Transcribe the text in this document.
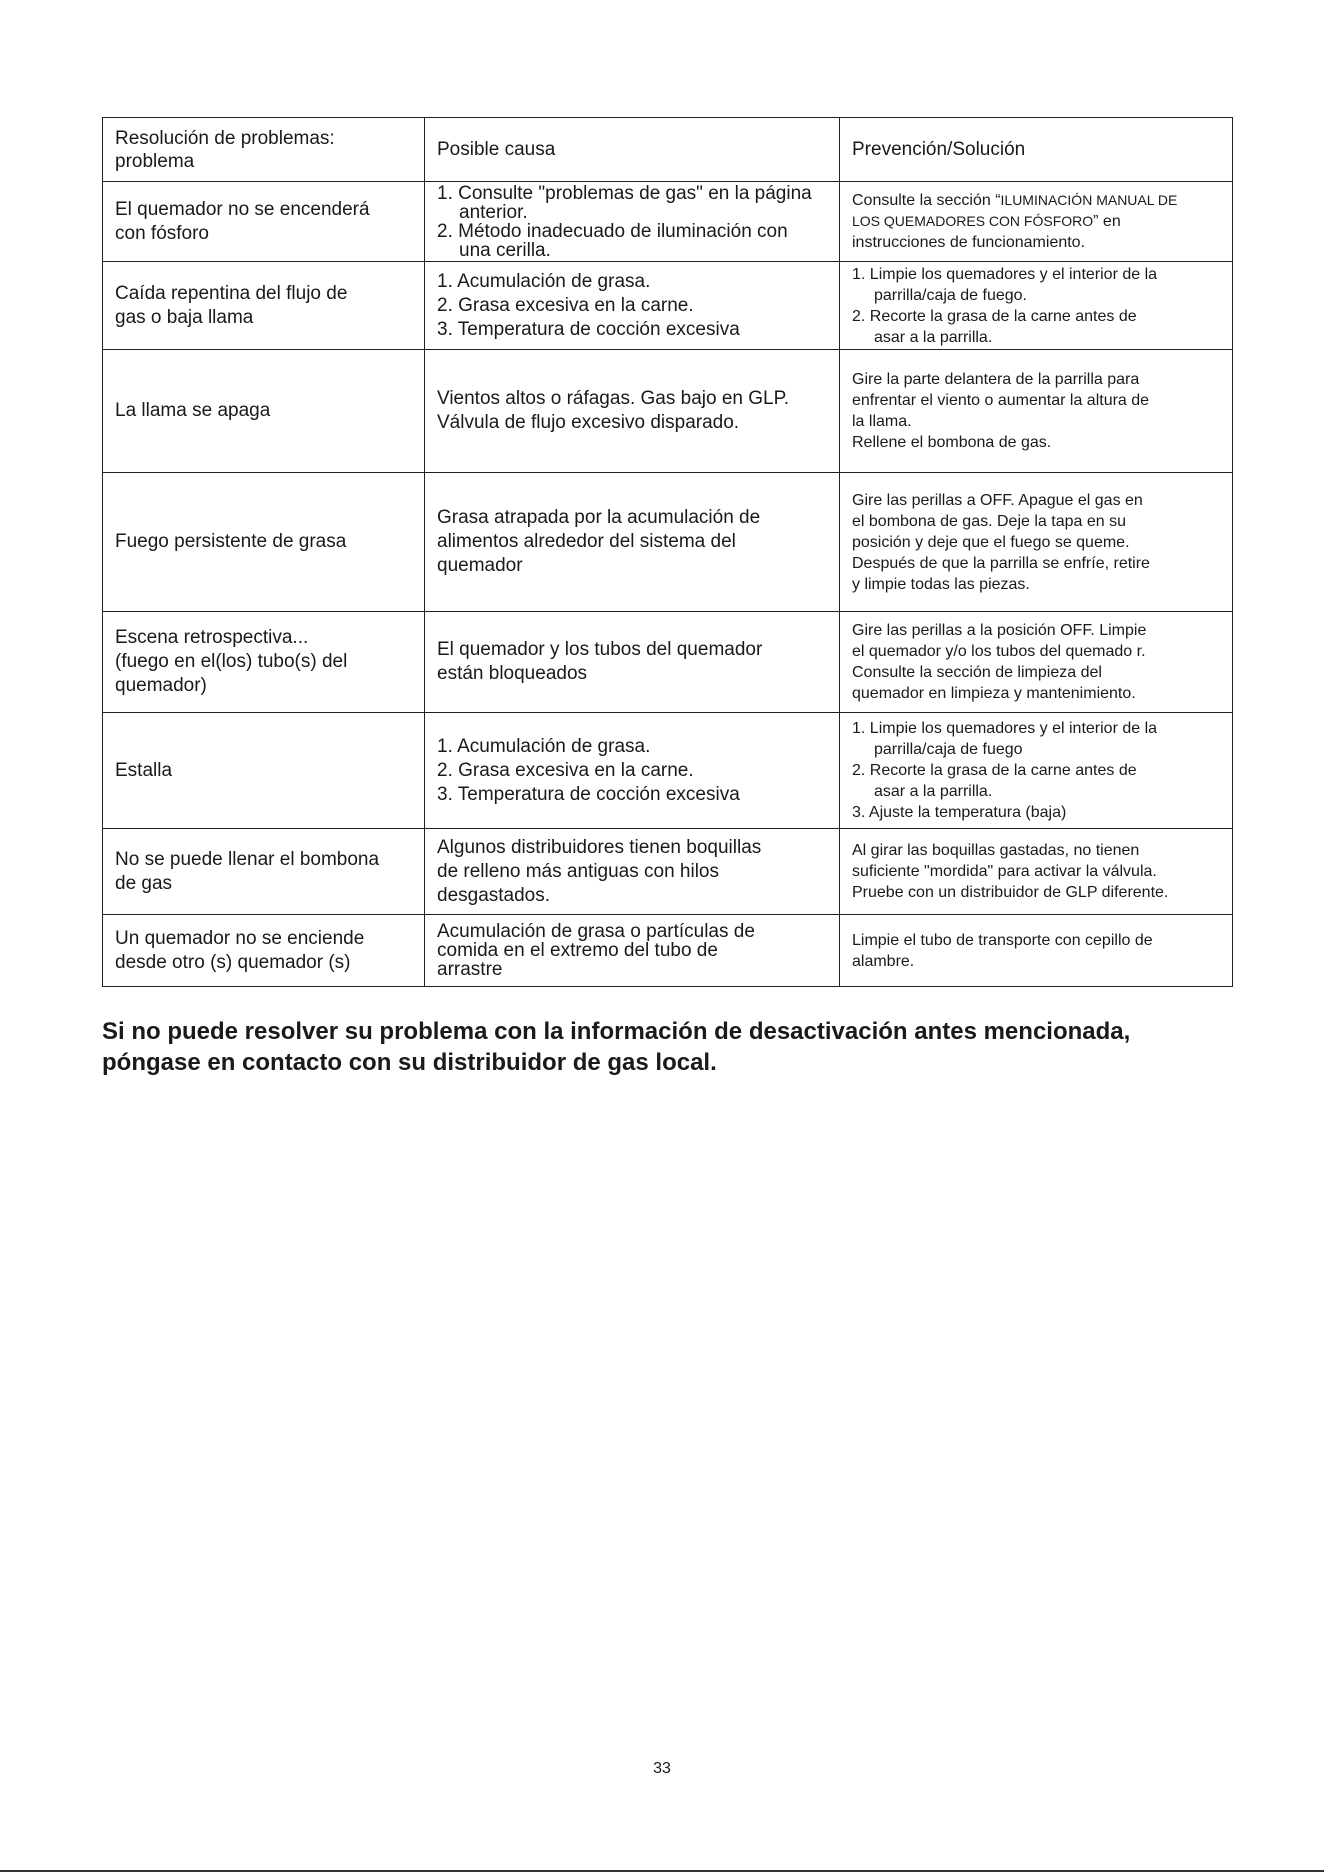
Resolución de problemas:
problema	Posible causa	Prevención/Solución

El quemador no se encenderá
con fósforo	1. Consulte "problemas de gas" en la página
anterior.
2. Método inadecuado de iluminación con
una cerilla.	Consulte la sección “ILUMINACIÓN MANUAL DE
LOS QUEMADORES CON FÓSFORO” en
instrucciones de funcionamiento.

Caída repentina del flujo de
gas o baja llama	1. Acumulación de grasa.
2. Grasa excesiva en la carne.
3. Temperatura de cocción excesiva	1. Limpie los quemadores y el interior de la
parrilla/caja de fuego.
2. Recorte la grasa de la carne antes de
asar a la parrilla.

La llama se apaga	Vientos altos o ráfagas. Gas bajo en GLP.
Válvula de flujo excesivo disparado.	Gire la parte delantera de la parrilla para
enfrentar el viento o aumentar la altura de
la llama.
Rellene el bombona de gas.

Fuego persistente de grasa	Grasa atrapada por la acumulación de
alimentos alrededor del sistema del
quemador	Gire las perillas a OFF. Apague el gas en
el bombona de gas. Deje la tapa en su
posición y deje que el fuego se queme.
Después de que la parrilla se enfríe, retire
y limpie todas las piezas.

Escena retrospectiva...
(fuego en el(los) tubo(s) del
quemador)	El quemador y los tubos del quemador
están bloqueados	Gire las perillas a la posición OFF. Limpie
el quemador y/o los tubos del quemado r.
Consulte la sección de limpieza del
quemador en limpieza y mantenimiento.

Estalla	1. Acumulación de grasa.
2. Grasa excesiva en la carne.
3. Temperatura de cocción excesiva	1. Limpie los quemadores y el interior de la
parrilla/caja de fuego
2. Recorte la grasa de la carne antes de
asar a la parrilla.
3. Ajuste la temperatura (baja)

No se puede llenar el bombona
de gas	Algunos distribuidores tienen boquillas
de relleno más antiguas con hilos
desgastados.	Al girar las boquillas gastadas, no tienen
suficiente "mordida" para activar la válvula.
Pruebe con un distribuidor de GLP diferente.

Un quemador no se enciende
desde otro (s) quemador (s)	Acumulación de grasa o partículas de
comida en el extremo del tubo de
arrastre	Limpie el tubo de transporte con cepillo de
alambre.
Si no puede resolver su problema con la información de desactivación antes mencionada,
póngase en contacto con su distribuidor de gas local.
33
